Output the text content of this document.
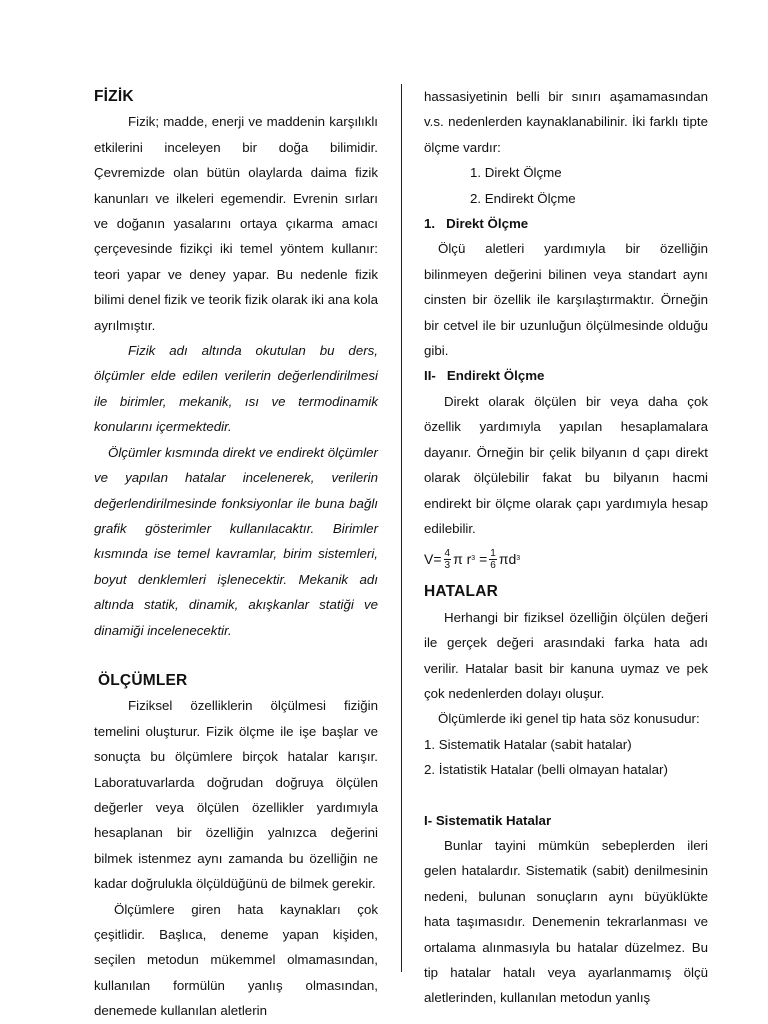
FİZİK

Fizik; madde, enerji ve maddenin karşılıklı etkilerini inceleyen bir doğa bilimidir. Çevremizde olan bütün olaylarda daima fizik kanunları ve ilkeleri egemendir. Evrenin sırları ve doğanın yasalarını ortaya çıkarma amacı çerçevesinde fizikçi iki temel yöntem kullanır: teori yapar ve deney yapar. Bu nedenle fizik bilimi denel fizik ve teorik fizik olarak iki ana kola ayrılmıştır.

Fizik adı altında okutulan bu ders, ölçümler elde edilen verilerin değerlendirilmesi ile birimler, mekanik, ısı ve termodinamik konularını içermektedir.

Ölçümler kısmında direkt ve endirekt ölçümler ve yapılan hatalar incelenerek, verilerin değerlendirilmesinde fonksiyonlar ile buna bağlı grafik gösterimler kullanılacaktır. Birimler kısmında ise temel kavramlar, birim sistemleri, boyut denklemleri işlenecektir. Mekanik adı altında statik, dinamik, akışkanlar statiği ve dinamiği incelenecektir.

ÖLÇÜMLER

Fiziksel özelliklerin ölçülmesi fiziğin temelini oluşturur. Fizik ölçme ile işe başlar ve sonuçta bu ölçümlere birçok hatalar karışır. Laboratuvarlarda doğrudan doğruya ölçülen değerler veya ölçülen özellikler yardımıyla hesaplanan bir özelliğin yalnızca değerini bilmek istenmez aynı zamanda bu özelliğin ne kadar doğrulukla ölçüldüğünü de bilmek gerekir.

Ölçümlere giren hata kaynakları çok çeşitlidir. Başlıca, deneme yapan kişiden, seçilen metodun mükemmel olmamasından, kullanılan formülün yanlış olmasından, denemede kullanılan aletlerin

hassasiyetinin belli bir sınırı aşamamasından v.s. nedenlerden kaynaklanabilinir. İki farklı tipte ölçme vardır:

1. Direkt Ölçme

2. Endirekt Ölçme

1.   Direkt Ölçme

Ölçü aletleri yardımıyla bir özelliğin bilinmeyen değerini bilinen veya standart aynı cinsten bir özellik ile karşılaştırmaktır. Örneğin bir cetvel ile bir uzunluğun ölçülmesinde olduğu gibi.

II-   Endirekt Ölçme

Direkt olarak ölçülen bir veya daha çok özellik yardımıyla yapılan hesaplamalara dayanır. Örneğin bir çelik bilyanın d çapı direkt olarak ölçülebilir fakat bu bilyanın hacmi endirekt bir ölçme olarak çapı yardımıyla hesap edilebilir.

$V= \frac{4}{3}$ π r $3 = \frac{1}{6}$ πd 3
HATALAR

Herhangi bir fiziksel özelliğin ölçülen değeri ile gerçek değeri arasındaki farka hata adı verilir. Hatalar basit bir kanuna uymaz ve pek çok nedenlerden dolayı oluşur.

Ölçümlerde iki genel tip hata söz konusudur:

1. Sistematik Hatalar (sabit hatalar)

2. İstatistik Hatalar (belli olmayan hatalar)

I- Sistematik Hatalar

Bunlar tayini mümkün sebeplerden ileri gelen hatalardır. Sistematik (sabit) denilmesinin nedeni, bulunan sonuçların aynı büyüklükte hata taşımasıdır. Denemenin tekrarlanması ve ortalama alınmasıyla bu hatalar düzelmez. Bu tip hatalar hatalı veya ayarlanmamış ölçü aletlerinden, kullanılan metodun yanlış
